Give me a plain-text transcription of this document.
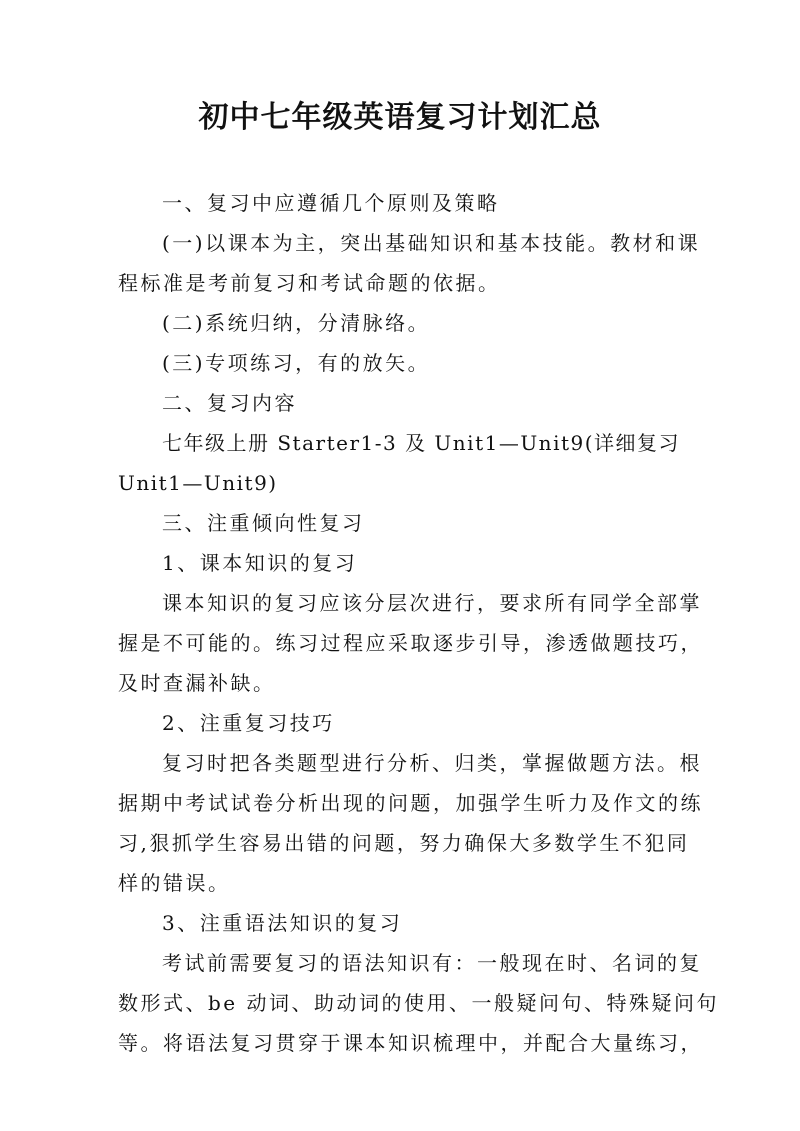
初中七年级英语复习计划汇总
一、复习中应遵循几个原则及策略
(一)以课本为主，突出基础知识和基本技能。教材和课
程标准是考前复习和考试命题的依据。
(二)系统归纳，分清脉络。
(三)专项练习，有的放矢。
二、复习内容
七年级上册 Starter1-3 及 Unit1—Unit9(详细复习
Unit1—Unit9)
三、注重倾向性复习
1、课本知识的复习
课本知识的复习应该分层次进行，要求所有同学全部掌
握是不可能的。练习过程应采取逐步引导，渗透做题技巧，
及时查漏补缺。
2、注重复习技巧
复习时把各类题型进行分析、归类，掌握做题方法。根
据期中考试试卷分析出现的问题，加强学生听力及作文的练
习,狠抓学生容易出错的问题，努力确保大多数学生不犯同
样的错误。
3、注重语法知识的复习
考试前需要复习的语法知识有：一般现在时、名词的复
数形式、be 动词、助动词的使用、一般疑问句、特殊疑问句
等。将语法复习贯穿于课本知识梳理中，并配合大量练习，
